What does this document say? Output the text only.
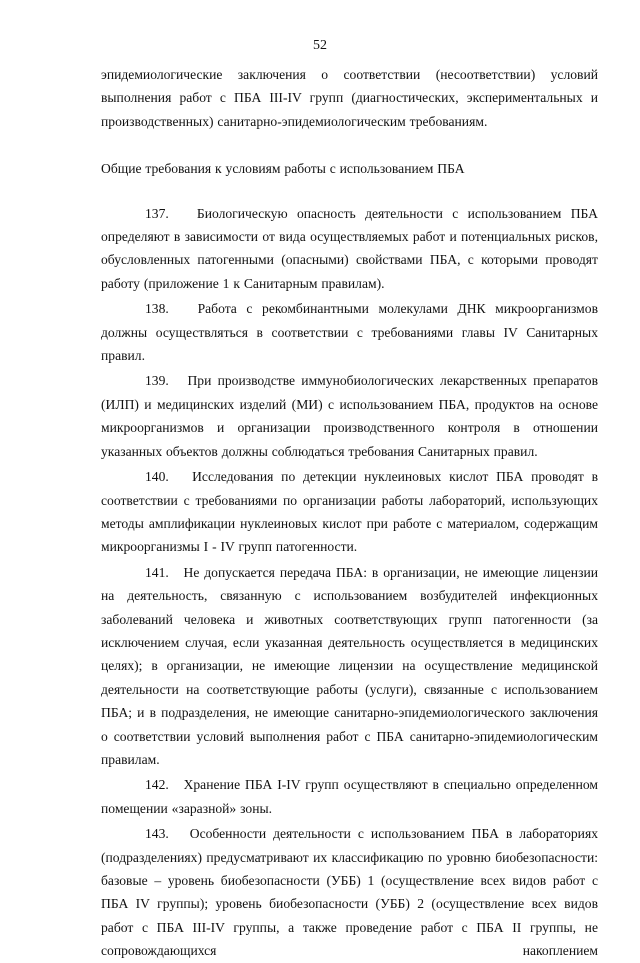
52

эпидемиологические заключения о соответствии (несоответствии) условий выполнения работ с ПБА III-IV групп (диагностических, экспериментальных и производственных) санитарно-эпидемиологическим требованиям.

Общие требования к условиям работы с использованием ПБА

137. Биологическую опасность деятельности с использованием ПБА определяют в зависимости от вида осуществляемых работ и потенциальных рисков, обусловленных патогенными (опасными) свойствами ПБА, с которыми проводят работу (приложение 1 к Санитарным правилам).

138. Работа с рекомбинантными молекулами ДНК микроорганизмов должны осуществляться в соответствии с требованиями главы IV Санитарных правил.

139. При производстве иммунобиологических лекарственных препаратов (ИЛП) и медицинских изделий (МИ) с использованием ПБА, продуктов на основе микроорганизмов и организации производственного контроля в отношении указанных объектов должны соблюдаться требования Санитарных правил.

140. Исследования по детекции нуклеиновых кислот ПБА проводят в соответствии с требованиями по организации работы лабораторий, использующих методы амплификации нуклеиновых кислот при работе с материалом, содержащим микроорганизмы I - IV групп патогенности.

141. Не допускается передача ПБА: в организации, не имеющие лицензии на деятельность, связанную с использованием возбудителей инфекционных заболеваний человека и животных соответствующих групп патогенности (за исключением случая, если указанная деятельность осуществляется в медицинских целях); в организации, не имеющие лицензии на осуществление медицинской деятельности на соответствующие работы (услуги), связанные с использованием ПБА; и в подразделения, не имеющие санитарно-эпидемиологического заключения о соответствии условий выполнения работ с ПБА санитарно-эпидемиологическим правилам.

142. Хранение ПБА I-IV групп осуществляют в специально определенном помещении «заразной» зоны.

143. Особенности деятельности с использованием ПБА в лабораториях (подразделениях) предусматривают их классификацию по уровню биобезопасности: базовые – уровень биобезопасности (УББ) 1 (осуществление всех видов работ с ПБА IV группы); уровень биобезопасности (УББ) 2 (осуществление всех видов работ с ПБА III-IV группы, а также проведение работ с ПБА II группы, не сопровождающихся накоплением
